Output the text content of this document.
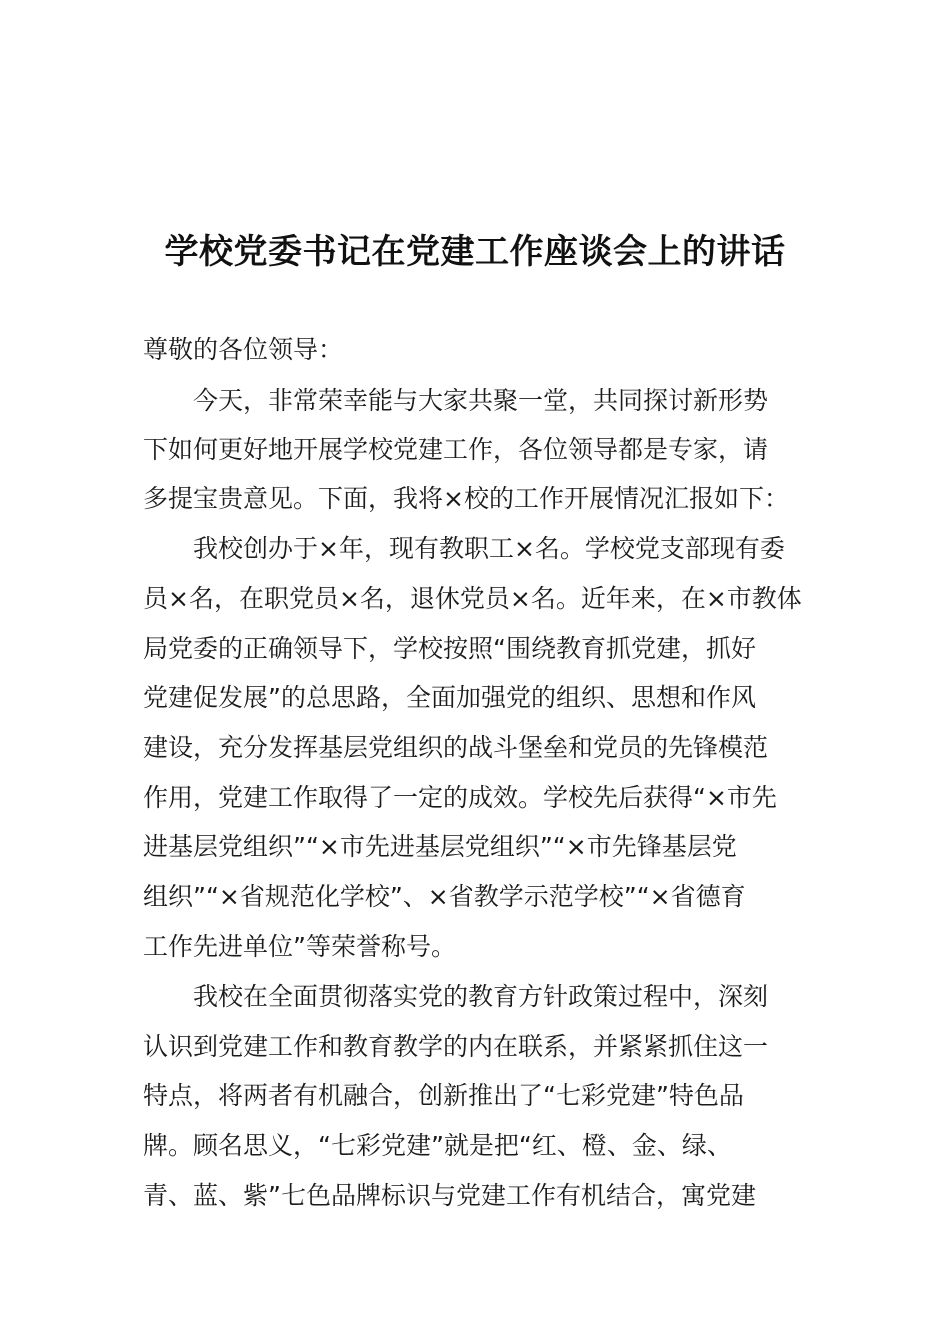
学校党委书记在党建工作座谈会上的讲话
尊敬的各位领导：
今天，非常荣幸能与大家共聚一堂，共同探讨新形势
下如何更好地开展学校党建工作，各位领导都是专家，请
多提宝贵意见。下面，我将×校的工作开展情况汇报如下：
我校创办于×年，现有教职工×名。学校党支部现有委
员×名，在职党员×名，退休党员×名。近年来，在×市教体
局党委的正确领导下，学校按照“围绕教育抓党建，抓好
党建促发展”的总思路，全面加强党的组织、思想和作风
建设，充分发挥基层党组织的战斗堡垒和党员的先锋模范
作用，党建工作取得了一定的成效。学校先后获得“×市先
进基层党组织”“×市先进基层党组织”“×市先锋基层党
组织”“×省规范化学校”、×省教学示范学校”“×省德育
工作先进单位”等荣誉称号。
我校在全面贯彻落实党的教育方针政策过程中，深刻
认识到党建工作和教育教学的内在联系，并紧紧抓住这一
特点，将两者有机融合，创新推出了“七彩党建”特色品
牌。顾名思义，“七彩党建”就是把“红、橙、金、绿、
青、蓝、紫”七色品牌标识与党建工作有机结合，寓党建
